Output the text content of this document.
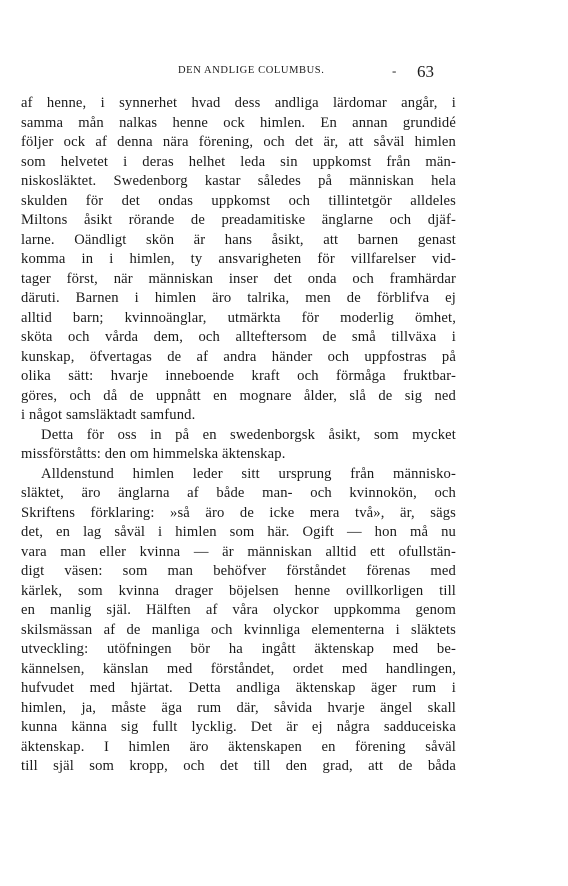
DEN ANDLIGE COLUMBUS.	- 63
af henne, i synnerhet hvad dess andliga lärdomar angår, i
samma mån nalkas henne ock himlen. En annan grundidé
följer ock af denna nära förening, och det är, att såväl himlen
som helvetet i deras helhet leda sin uppkomst från män-
niskosläktet. Swedenborg kastar således på människan hela
skulden för det ondas uppkomst och tillintetgör alldeles
Miltons åsikt rörande de preadamitiske änglarne och djäf-
larne. Oändligt skön är hans åsikt, att barnen genast
komma in i himlen, ty ansvarigheten för villfarelser vid-
tager först, när människan inser det onda och framhärdar
däruti. Barnen i himlen äro talrika, men de förblifva ej
alltid barn; kvinnoänglar, utmärkta för moderlig ömhet,
sköta och vårda dem, och allteftersom de små tillväxa i
kunskap, öfvertagas de af andra händer och uppfostras på
olika sätt: hvarje inneboende kraft och förmåga fruktbar-
göres, och då de uppnått en mognare ålder, slå de sig ned
i något samsläktadt samfund.
Detta för oss in på en swedenborgsk åsikt, som mycket
missförståtts: den om himmelska äktenskap.
Alldenstund himlen leder sitt ursprung från människo-
släktet, äro änglarna af både man- och kvinnokön, och
Skriftens förklaring: »så äro de icke mera två», är, sägs
det, en lag såväl i himlen som här. Ogift — hon må nu
vara man eller kvinna — är människan alltid ett ofullstän-
digt väsen: som man behöfver förståndet förenas med
kärlek, som kvinna drager böjelsen henne ovillkorligen till
en manlig själ. Hälften af våra olyckor uppkomma genom
skilsmässan af de manliga och kvinnliga elementerna i släktets
utveckling: utöfningen bör ha ingått äktenskap med be-
kännelsen, känslan med förståndet, ordet med handlingen,
hufvudet med hjärtat. Detta andliga äktenskap äger rum i
himlen, ja, måste äga rum där, såvida hvarje ängel skall
kunna känna sig fullt lycklig. Det är ej några sadduceiska
äktenskap. I himlen äro äktenskapen en förening såväl
till själ som kropp, och det till den grad, att de båda
